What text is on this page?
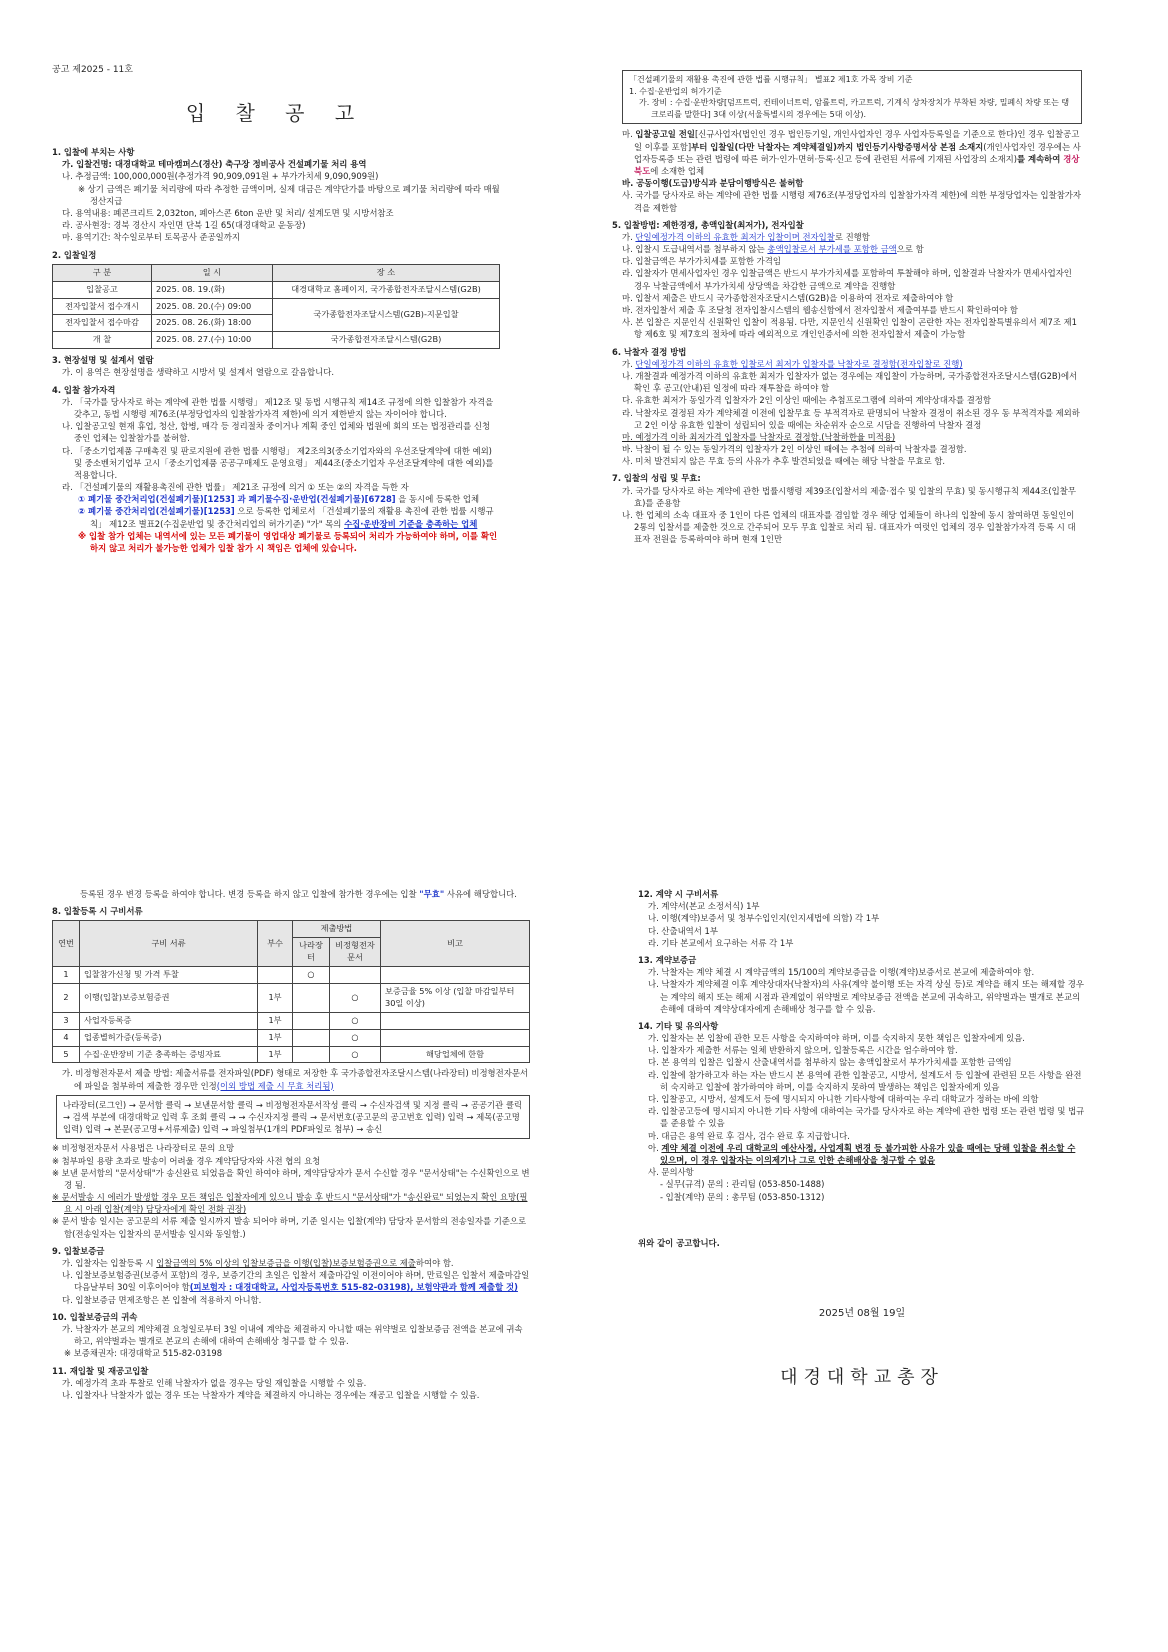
공고 제2025 - 11호

입 찰 공 고

1. 입찰에 부치는 사항

가. 입찰건명: 대경대학교 테마캠퍼스(경산) 축구장 정비공사 건설폐기물 처리 용역

나. 추정금액: 100,000,000원(추정가격 90,909,091원 + 부가가치세 9,090,909원)

※ 상기 금액은 폐기물 처리량에 따라 추정한 금액이며, 실제 대금은 계약단가를 바탕으로 폐기물 처리량에 따라 매월 정산지급

다. 용역내용: 폐콘크리트 2,032ton, 폐아스콘 6ton 운반 및 처리/ 설계도면 및 시방서참조

라. 공사현장: 경북 경산시 자인면 단북 1길 65(대경대학교 운동장)

마. 용역기간: 착수일로부터 토목공사 준공일까지

2. 입찰일정

구 분	일 시	장 소
입찰공고	2025. 08. 19.(화)	대경대학교 홈페이지, 국가종합전자조달시스템(G2B)
전자입찰서 접수개시	2025. 08. 20.(수) 09:00	국가종합전자조달시스템(G2B)-지문입찰
전자입찰서 접수마감	2025. 08. 26.(화) 18:00	
개 찰	2025. 08. 27.(수) 10:00	국가종합전자조달시스템(G2B)

3. 현장설명 및 설계서 열람

가. 이 용역은 현장설명을 생략하고 시방서 및 설계서 열람으로 갈음합니다.

4. 입찰 참가자격

가. 「국가를 당사자로 하는 계약에 관한 법률 시행령」 제12조 및 동법 시행규칙 제14조 규정에 의한 입찰참가 자격을 갖추고, 동법 시행령 제76조(부정당업자의 입찰참가자격 제한)에 의거 제한받지 않는 자이어야 합니다.

나. 입찰공고일 현재 휴업, 청산, 합병, 매각 등 정리절차 중이거나 계획 중인 업체와 법원에 회의 또는 법정관리를 신청 중인 업체는 입찰참가를 불허함.

다. 「중소기업제품 구매촉진 및 판로지원에 관한 법률 시행령」 제2조의3(중소기업자와의 우선조달계약에 대한 예외) 및 중소벤처기업부 고시「중소기업제품 공공구매제도 운영요령」 제44조(중소기업자 우선조달계약에 대한 예외)를 적용합니다.

라. 「건설폐기물의 재활용촉진에 관한 법률」 제21조 규정에 의거 ① 또는 ②의 자격을 득한 자

① 폐기물 중간처리업(건설폐기물)[1253] 과 폐기물수집·운반업(건설폐기물)[6728] 을 동시에 등록한 업체

② 폐기물 중간처리업(건설폐기물)[1253] 으로 등록한 업체로서 「건설폐기물의 재활용 촉진에 관한 법률 시행규칙」 제12조 별표2(수집운반업 및 중간처리업의 허가기준) "가" 목의 수집·운반장비 기준을 충족하는 업체

※ 입찰 참가 업체는 내역서에 있는 모든 폐기물이 영업대상 폐기물로 등록되어 처리가 가능하여야 하며, 이를 확인하지 않고 처리가 불가능한 업체가 입찰 참가 시 책임은 업체에 있습니다.

「건설폐기물의 재활용 촉진에 관한 법률 시행규칙」 별표2 제1호 가목 장비 기준

1. 수집·운반업의 허가기준

가. 장비 : 수집·운반차량[덤프트럭, 컨테이너트럭, 암롤트럭, 카고트럭, 기계식 상차장치가 부착된 차량, 밀폐식 차량 또는 탱크로리를 말한다] 3대 이상(서울특별시의 경우에는 5대 이상).

마. 입찰공고일 전일[신규사업자(법인인 경우 법인등기일, 개인사업자인 경우 사업자등록일을 기준으로 한다)인 경우 입찰공고일 이후를 포함]부터 입찰일(다만 낙찰자는 계약체결일)까지 법인등기사항증명서상 본점 소재지(개인사업자인 경우에는 사업자등록증 또는 관련 법령에 따른 허가·인가·면허·등록·신고 등에 관련된 서류에 기재된 사업장의 소재지)를 계속하여 경상북도에 소재한 업체

바. 공동이행(도급)방식과 분담이행방식은 불허함

사. 국가를 당사자로 하는 계약에 관한 법률 시행령 제76조(부정당업자의 입찰참가자격 제한)에 의한 부정당업자는 입찰참가자격을 제한함

5. 입찰방법: 제한경쟁, 총액입찰(최저가), 전자입찰

가. 단일예정가격 이하의 유효한 최저가 입찰이며 전자입찰로 진행함

나. 입찰시 도급내역서를 첨부하지 않는 총액입찰로서 부가세를 포함한 금액으로 함

다. 입찰금액은 부가가치세를 포함한 가격임

라. 입찰자가 면세사업자인 경우 입찰금액은 반드시 부가가치세를 포함하여 투찰해야 하며, 입찰결과 낙찰자가 면세사업자인 경우 낙찰금액에서 부가가치세 상당액을 차감한 금액으로 계약을 진행함

마. 입찰서 제출은 반드시 국가종합전자조달시스템(G2B)을 이용하여 전자로 제출하여야 함

바. 전자입찰서 제출 후 조달청 전자입찰시스템의 웹송신함에서 전자입찰서 제출여부를 반드시 확인하여야 함

사. 본 입찰은 지문인식 신원확인 입찰이 적용됨. 다만, 지문인식 신원확인 입찰이 곤란한 자는 전자입찰특별유의서 제7조 제1항 제6호 및 제7호의 절차에 따라 예외적으로 개인인증서에 의한 전자입찰서 제출이 가능함

6. 낙찰자 결정 방법

가. 단일예정가격 이하의 유효한 입찰로서 최저가 입찰자를 낙찰자로 결정함(전자입찰로 진행)

나. 개찰결과 예정가격 이하의 유효한 최저가 입찰자가 없는 경우에는 재입찰이 가능하며, 국가종합전자조달시스템(G2B)에서 확인 후 공고(안내)된 일정에 따라 재투찰을 하여야 함

다. 유효한 최저가 동일가격 입찰자가 2인 이상인 때에는 추첨프로그램에 의하여 계약상대자를 결정함

라. 낙찰자로 결정된 자가 계약체결 이전에 입찰무효 등 부적격자로 판명되어 낙찰자 결정이 취소된 경우 동 부적격자를 제외하고 2인 이상 유효한 입찰이 성립되어 있을 때에는 차순위자 순으로 시담을 진행하여 낙찰자 결정

마. 예정가격 이하 최저가격 입찰자를 낙찰자로 결정함.(낙찰하한율 미적용)

바. 낙찰이 될 수 있는 동일가격의 입찰자가 2인 이상인 때에는 추첨에 의하여 낙찰자를 결정함.

사. 미처 발견되지 않은 무효 등의 사유가 추후 발견되었을 때에는 해당 낙찰을 무효로 함.

7. 입찰의 성립 및 무효:

가. 국가를 당사자로 하는 계약에 관한 법률시행령 제39조(입찰서의 제출·접수 및 입찰의 무효) 및 동시행규칙 제44조(입찰무효)를 준용함

나. 한 업체의 소속 대표자 중 1인이 다른 업체의 대표자를 겸임할 경우 해당 업체들이 하나의 입찰에 동시 참여하면 동일인이 2통의 입찰서를 제출한 것으로 간주되어 모두 무효 입찰로 처리 됨. 대표자가 여럿인 업체의 경우 입찰참가자격 등록 시 대표자 전원을 등록하여야 하며 현재 1인만

등록된 경우 변경 등록을 하여야 합니다. 변경 등록을 하지 않고 입찰에 참가한 경우에는 입찰 "무효" 사유에 해당합니다.

8. 입찰등록 시 구비서류

연번	구비 서류	부수	제출방법		비고
			나라장터	비정형전자문서	
1	입찰참가신청 및 가격 투찰		○		
2	이행(입찰)보증보험증권	1부		○	보증금율 5% 이상 (입찰 마감일부터 30일 이상)
3	사업자등록증	1부		○	
4	업종별허가증(등록증)	1부		○	
5	수집·운반장비 기준 충족하는 증빙자료	1부		○	해당업체에 한함

가. 비정형전자문서 제출 방법: 제출서류를 전자파일(PDF) 형태로 저장한 후 국가종합전자조달시스템(나라장터) 비정형전자문서에 파일을 첨부하여 제출한 경우만 인정(이외 방법 제출 시 무효 처리됨)

나라장터(로그인) → 문서함 클릭 → 보낸문서함 클릭 → 비정형전자문서작성 클릭 → 수신자검색 및 지정 클릭 → 공공기관 클릭 → 검색 부분에 대경대학교 입력 후 조회 클릭 → → 수신자지정 클릭 → 문서번호(공고문의 공고번호 입력) 입력 → 제목(공고명 입력) 입력 → 본문(공고명+서류제출) 입력 → 파일첨부(1개의 PDF파일로 첨부) → 송신

※ 비정형전자문서 사용법은 나라장터로 문의 요망

※ 첨부파일 용량 초과로 발송이 어려울 경우 계약담당자와 사전 협의 요청

※ 보낸 문서함의 "문서상태"가 송신완료 되었음을 확인 하여야 하며, 계약담당자가 문서 수신할 경우 "문서상태"는 수신확인으로 변경 됨.

※ 문서발송 시 에러가 발생할 경우 모든 책임은 입찰자에게 있으니 발송 후 반드시 "문서상태"가 "송신완료" 되었는지 확인 요망(필요 시 아래 입찰(계약) 담당자에게 확인 전화 권장)

※ 문서 발송 일시는 공고문의 서류 제출 일시까지 발송 되어야 하며, 기준 일시는 입찰(계약) 담당자 문서함의 전송일자를 기준으로 함(전송일자는 입찰자의 문서발송 일시와 동일함.)

9. 입찰보증금

가. 입찰자는 입찰등록 시 입찰금액의 5% 이상의 입찰보증금을 이행(입찰)보증보험증권으로 제출하여야 함.

나. 입찰보증보험증권(보증서 포함)의 경우, 보증기간의 초일은 입찰서 제출마감일 이전이어야 하며, 만료일은 입찰서 제출마감일 다음날부터 30일 이후이어야 함(피보험자 : 대경대학교, 사업자등록번호 515-82-03198), 보험약관과 함께 제출할 것)

다. 입찰보증금 면제조항은 본 입찰에 적용하지 아니함.

10. 입찰보증금의 귀속

가. 낙찰자가 본교의 계약체결 요청일로부터 3일 이내에 계약을 체결하지 아니할 때는 위약벌로 입찰보증금 전액을 본교에 귀속하고, 위약벌과는 별개로 본교의 손해에 대하여 손해배상 청구를 할 수 있음.

※ 보증채권자: 대경대학교 515-82-03198

11. 재입찰 및 재공고입찰

가. 예정가격 초과 투찰로 인해 낙찰자가 없을 경우는 당일 재입찰을 시행할 수 있음.

나. 입찰자나 낙찰자가 없는 경우 또는 낙찰자가 계약을 체결하지 아니하는 경우에는 재공고 입찰을 시행할 수 있음.

12. 계약 시 구비서류

가. 계약서(본교 소정서식) 1부

나. 이행(계약)보증서 및 청부수입인지(인지세법에 의함) 각 1부

다. 산출내역서 1부

라. 기타 본교에서 요구하는 서류 각 1부

13. 계약보증금

가. 낙찰자는 계약 체결 시 계약금액의 15/100의 계약보증금을 이행(계약)보증서로 본교에 제출하여야 함.

나. 낙찰자가 계약체결 이후 계약상대자(낙찰자)의 사유(계약 불이행 또는 자격 상실 등)로 계약을 해지 또는 해제할 경우는 계약의 해지 또는 해제 시점과 관계없이 위약벌로 계약보증금 전액을 본교에 귀속하고, 위약벌과는 별개로 본교의 손해에 대하여 계약상대자에게 손해배상 청구를 할 수 있음.

14. 기타 및 유의사항

가. 입찰자는 본 입찰에 관한 모든 사항을 숙지하여야 하며, 이를 숙지하지 못한 책임은 입찰자에게 있음.

나. 입찰자가 제출한 서류는 일체 반환하지 않으며, 입찰등록은 시간을 엄수하여야 함.

다. 본 용역의 입찰은 입찰시 산출내역서를 첨부하지 않는 총액입찰로서 부가가치세를 포함한 금액임

라. 입찰에 참가하고자 하는 자는 반드시 본 용역에 관한 입찰공고, 시방서, 설계도서 등 입찰에 관련된 모든 사항을 완전히 숙지하고 입찰에 참가하여야 하며, 이를 숙지하지 못하여 발생하는 책임은 입찰자에게 있음

다. 입찰공고, 시방서, 설계도서 등에 명시되지 아니한 기타사항에 대하여는 우리 대학교가 정하는 바에 의함

라. 입찰공고등에 명시되지 아니한 기타 사항에 대하여는 국가를 당사자로 하는 계약에 관한 법령 또는 관련 법령 및 법규를 준용할 수 있음

마. 대금은 용역 완료 후 검사, 검수 완료 후 지급합니다.

아. 계약 체결 이전에 우리 대학교의 예산사정, 사업계획 변경 등 불가피한 사유가 있을 때에는 당해 입찰을 취소할 수 있으며, 이 경우 입찰자는 이의제기나 그로 인한 손해배상을 청구할 수 없음

사. 문의사항

- 실무(규격) 문의 : 관리팀 (053-850-1488)

- 입찰(계약) 문의 : 총무팀 (053-850-1312)

위와 같이 공고합니다.

2025년 08월 19일

대경대학교총장
